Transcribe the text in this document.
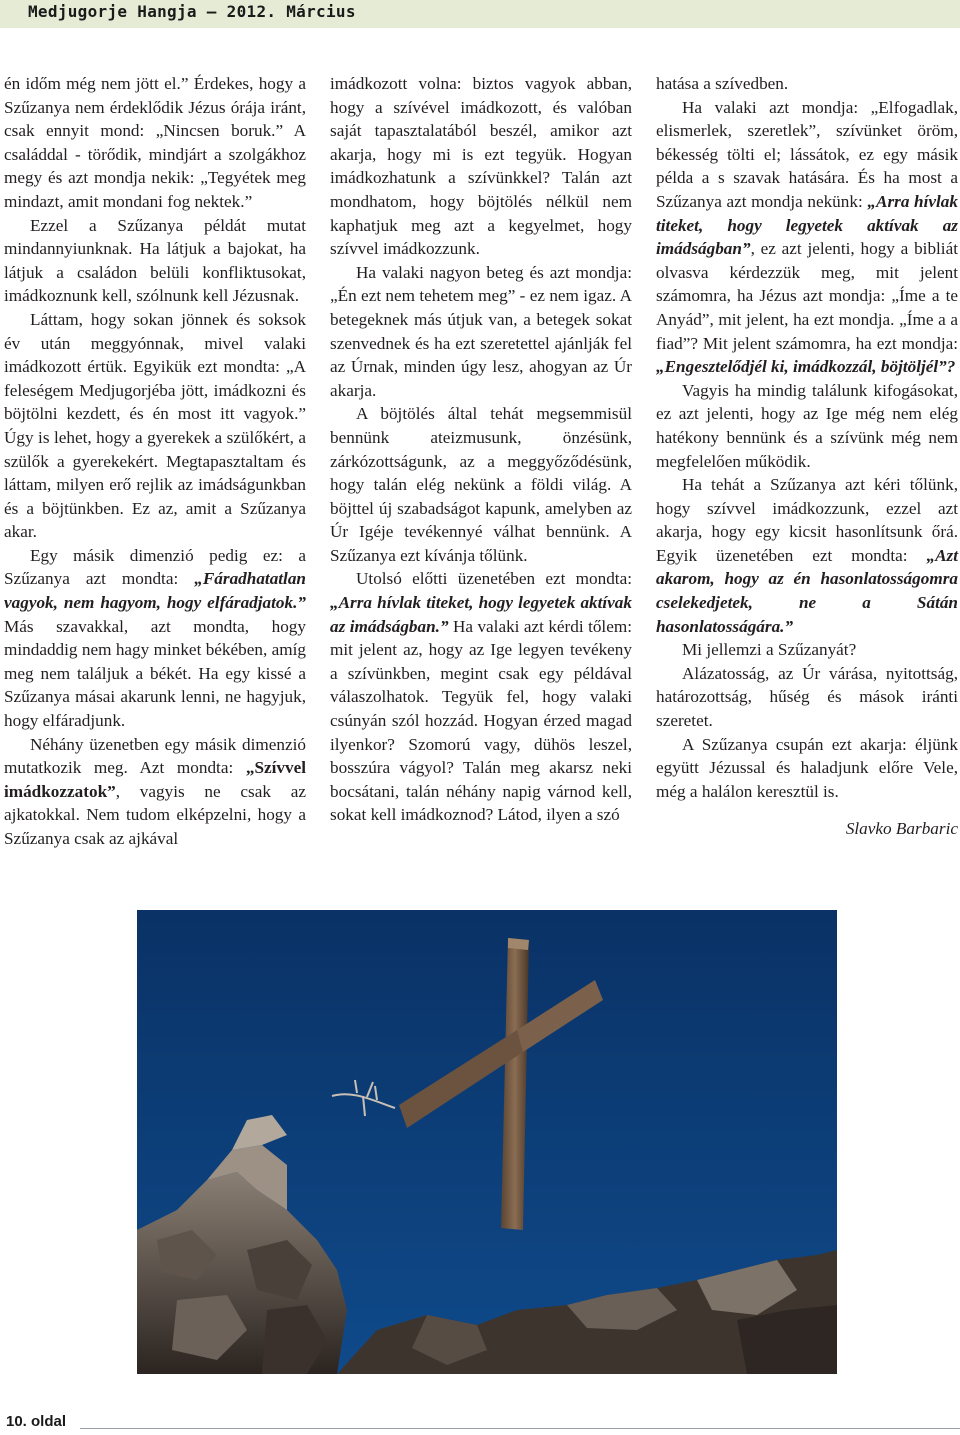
Medjugorje Hangja – 2012. Március

én időm még nem jött el.” Érdekes, hogy a Szűzanya nem érdeklődik Jézus órája iránt, csak ennyit mond: „Nincsen boruk.” A családdal - törődik, mindjárt a szolgákhoz megy és azt mondja nekik: „Tegyétek meg mindazt, amit mondani fog nektek.”

Ezzel a Szűzanya példát mutat mindannyiunknak. Ha látjuk a bajokat, ha látjuk a családon belüli konfliktusokat, imádkoznunk kell, szólnunk kell Jézusnak.

Láttam, hogy sokan jönnek és soksok év után meggyónnak, mivel valaki imádkozott értük. Egyikük ezt mondta: „A feleségem Medjugorjéba jött, imádkozni és böjtölni kezdett, és én most itt vagyok.” Úgy is lehet, hogy a gyerekek a szülőkért, a szülők a gyerekekért. Megtapasztaltam és láttam, milyen erő rejlik az imádságunkban és a böjtünkben. Ez az, amit a Szűzanya akar.

Egy másik dimenzió pedig ez: a Szűzanya azt mondta: „Fáradhatatlan vagyok, nem hagyom, hogy elfáradjatok.” Más szavakkal, azt mondta, hogy mindaddig nem hagy minket békében, amíg meg nem találjuk a békét. Ha egy kissé a Szűzanya másai akarunk lenni, ne hagyjuk, hogy elfáradjunk.

Néhány üzenetben egy másik dimenzió mutatkozik meg. Azt mondta: „Szívvel imádkozzatok”, vagyis ne csak az ajkatokkal. Nem tudom elképzelni, hogy a Szűzanya csak az ajkával

imádkozott volna: biztos vagyok abban, hogy a szívével imádkozott, és valóban saját tapasztalatából beszél, amikor azt akarja, hogy mi is ezt tegyük. Hogyan imádkozhatunk a szívünkkel? Talán azt mondhatom, hogy böjtölés nélkül nem kaphatjuk meg azt a kegyelmet, hogy szívvel imádkozzunk.

Ha valaki nagyon beteg és azt mondja: „Én ezt nem tehetem meg” - ez nem igaz. A betegeknek más útjuk van, a betegek sokat szenvednek és ha ezt szeretettel ajánlják fel az Úrnak, minden úgy lesz, ahogyan az Úr akarja.

A böjtölés által tehát megsemmisül bennünk ateizmusunk, önzésünk, zárkózottságunk, az a meggyőződésünk, hogy talán elég nekünk a földi világ. A böjttel új szabadságot kapunk, amelyben az Úr Igéje tevékennyé válhat bennünk. A Szűzanya ezt kívánja tőlünk.

Utolsó előtti üzenetében ezt mondta: „Arra hívlak titeket, hogy legyetek aktívak az imádságban.” Ha valaki azt kérdi tőlem: mit jelent az, hogy az Ige legyen tevékeny a szívünkben, megint csak egy példával válaszolhatok. Tegyük fel, hogy valaki csúnyán szól hozzád. Hogyan érzed magad ilyenkor? Szomorú vagy, dühös leszel, bosszúra vágyol? Talán meg akarsz neki bocsátani, talán néhány napig várnod kell, sokat kell imádkoznod? Látod, ilyen a szó

hatása a szívedben.

Ha valaki azt mondja: „Elfogadlak, elismerlek, szeretlek”, szívünket öröm, békesség tölti el; lássátok, ez egy másik példa a s szavak hatására. És ha most a Szűzanya azt mondja nekünk: „Arra hívlak titeket, hogy legyetek aktívak az imádságban”, ez azt jelenti, hogy a bibliát olvasva kérdezzük meg, mit jelent számomra, ha Jézus azt mondja: „Íme a te Anyád”, mit jelent, ha ezt mondja. „Íme a a fiad”? Mit jelent számomra, ha ezt mondja: „Engesztelődjél ki, imádkozzál, böjtöljél”?

Vagyis ha mindig találunk kifogásokat, ez azt jelenti, hogy az Ige még nem elég hatékony bennünk és a szívünk még nem megfelelően működik.

Ha tehát a Szűzanya azt kéri tőlünk, hogy szívvel imádkozzunk, ezzel azt akarja, hogy egy kicsit hasonlítsunk őrá. Egyik üzenetében ezt mondta: „Azt akarom, hogy az én hasonlatosságomra cselekedjetek, ne a Sátán hasonlatosságára.”

Mi jellemzi a Szűzanyát?

Alázatosság, az Úr várása, nyitottság, határozottság, hűség és mások iránti szeretet.

A Szűzanya csupán ezt akarja: éljünk együtt Jézussal és haladjunk előre Vele, még a halálon keresztül is.

Slavko Barbaric

10. oldal
